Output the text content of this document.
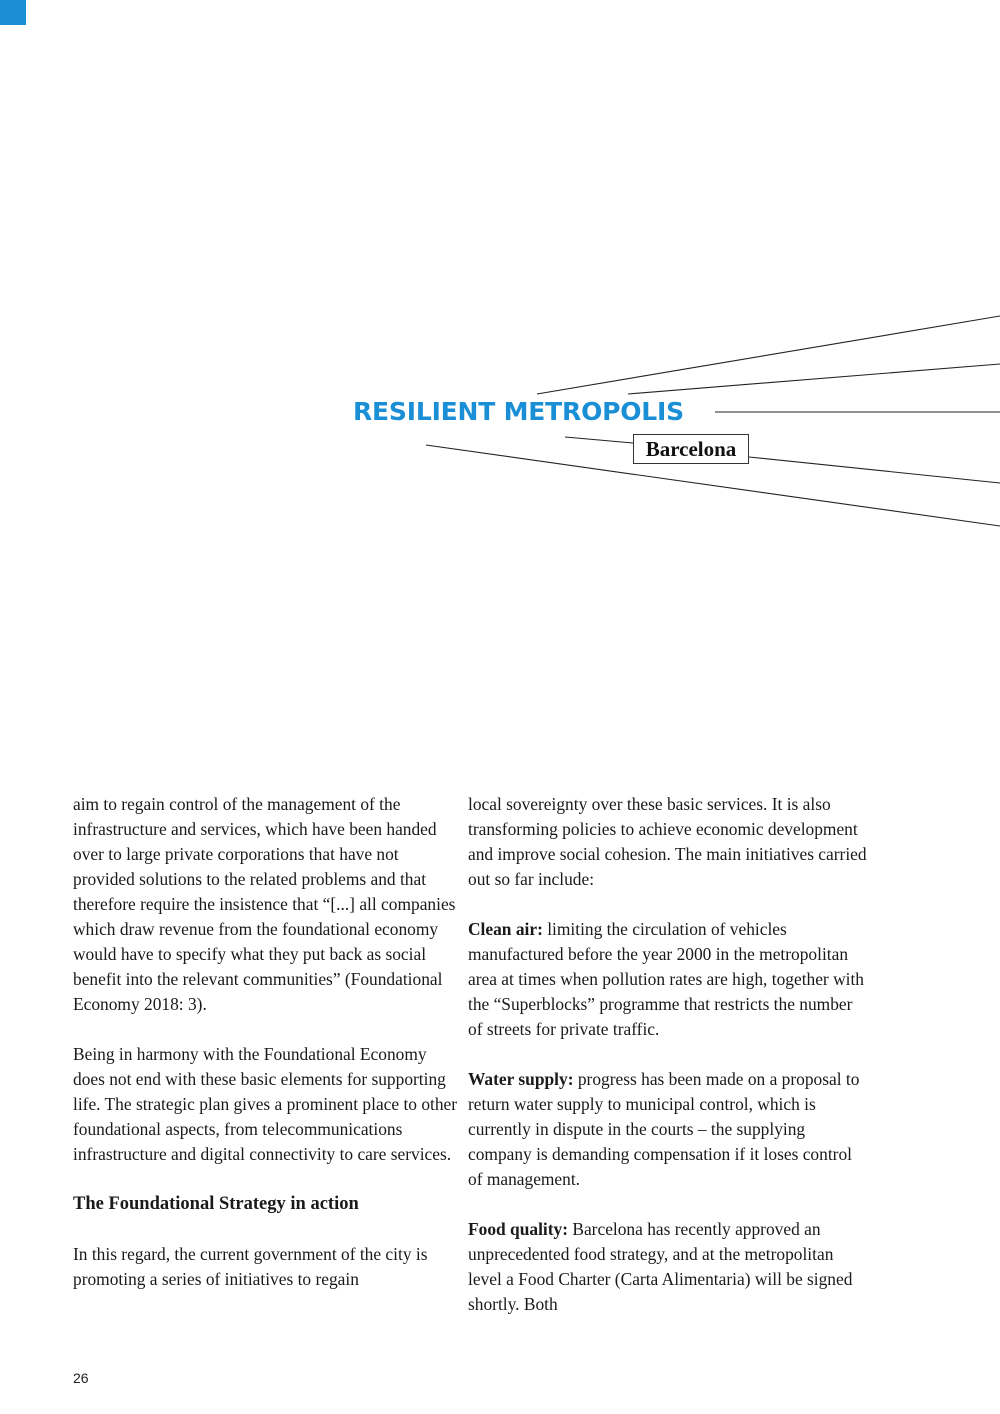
RESILIENT METROPOLIS
Barcelona

aim to regain control of the management of the infrastructure and services, which have been handed over to large private corporations that have not provided solutions to the related problems and that therefore require the insistence that “[...] all companies which draw revenue from the foundational economy would have to specify what they put back as social benefit into the relevant communities” (Foundational Economy 2018: 3).

Being in harmony with the Foundational Economy does not end with these basic elements for supporting life. The strategic plan gives a prominent place to other foundational aspects, from telecommunications infrastructure and digital connectivity to care services.

The Foundational Strategy in action

In this regard, the current government of the city is promoting a series of initiatives to regain

local sovereignty over these basic services. It is also transforming policies to achieve economic development and improve social cohesion. The main initiatives carried out so far include:

Clean air: limiting the circulation of vehicles manufactured before the year 2000 in the metropolitan area at times when pollution rates are high, together with the “Superblocks” programme that restricts the number of streets for private traffic.

Water supply: progress has been made on a proposal to return water supply to municipal control, which is currently in dispute in the courts – the supplying company is demanding compensation if it loses control of management.

Food quality: Barcelona has recently approved an unprecedented food strategy, and at the metropolitan level a Food Charter (Carta Alimentaria) will be signed shortly. Both

26
